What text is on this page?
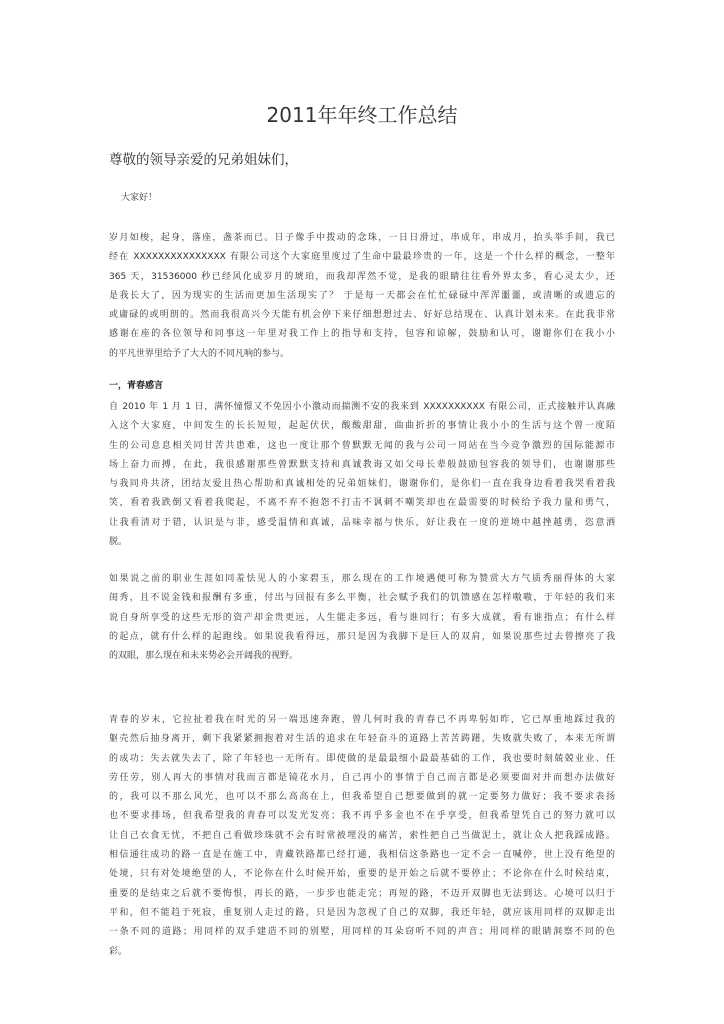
2011年年终工作总结
尊敬的领导亲爱的兄弟姐妹们，
大家好！
岁月如梭，起身，落座，盏茶而已。日子像手中拨动的念珠，一日日滑过，串成年，串成月，抬头举手间，我已
经在 XXXXXXXXXXXXXXX 有限公司这个大家庭里度过了生命中最最珍贵的一年，这是一个什么样的概念，一整年
365 天，31536000 秒已经风化成岁月的琥珀，而我却浑然不觉，是我的眼睛往往看外界太多，看心灵太少，还
是我长大了，因为现实的生活而更加生活现实了？ 于是每一天都会在忙忙碌碌中浑浑噩噩，或清晰的或遗忘的
或庸碌的或明朗的。然而我很高兴今天能有机会停下来仔细想想过去、好好总结现在、认真计划未来。在此我非常
感谢在座的各位领导和同事这一年里对我工作上的指导和支持，包容和谅解，鼓励和认可，谢谢你们在我小小
的平凡世界里给予了大大的不同凡响的参与。
一，青春感言
自 2010 年 1 月 1 日，满怀憧憬又不免因小小激动而揣测不安的我来到 XXXXXXXXXX 有限公司，正式接触并认真融
入这个大家庭，中间发生的长长短短，起起伏伏，酸酸甜甜，曲曲折折的事情让我小小的生活与这个曾一度陌
生的公司息息相关同甘苦共患难，这也一度让那个曾默默无闻的我与公司一同站在当今竞争激烈的国际能源市
场上奋力而搏，在此，我很感谢那些曾默默支持和真诚教诲又如父母长辈般鼓励包容我的领导们，也谢谢那些
与我同舟共济，团结友爱且热心帮助和真诚相处的兄弟姐妹们，谢谢你们，是你们一直在我身边看着我哭看着我
笑，看着我跌倒又看着我爬起，不离不弃不抱怨不打击不讽刺不嘲笑却也在最需要的时候给予我力量和勇气，
让我看清对于错，认识是与非，感受温情和真诚，品味幸福与快乐，好让我在一度的逆境中越挫越勇，恣意洒
脱。
如果说之前的职业生涯如同羞怯见人的小家碧玉，那么现在的工作境遇便可称为赞赏大方气质秀丽得体的大家
闺秀，且不说金钱和报酬有多重，付出与回报有多么平衡，社会赋予我们的饥馈感在怎样嗷嗷，于年轻的我们来
说自身所享受的这些无形的资产却金贵更远，人生能走多远，看与谁同行；有多大成就，看有谁指点；有什么样
的起点，就有什么样的起跑线。如果说我看得远，那只是因为我脚下是巨人的双肩，如果说那些过去曾擦亮了我
的双眼，那么现在和未来势必会开阔我的视野。
青春的岁末，它拉扯着我在时光的另一端迅速奔跑，曾几何时我的青春已不再卑躬如昨，它已厚重地踩过我的
躯壳然后抽身离开，剩下我紧紧拥抱着对生活的追求在年轻奋斗的道路上苦苦踌躇，失败就失败了，本来无所谓
的成功；失去就失去了，除了年轻也一无所有。即使做的是最最细小最最基础的工作，我也要时刻兢兢业业、任
劳任劳，别人再大的事情对我而言都是镜花水月，自己再小的事情于自己而言都是必须要面对并而想办法做好
的，我可以不那么风光，也可以不那么高高在上，但我希望自己想要做到的就一定要努力做好；我不要求表扬
也不要求排场，但我希望我的青春可以发光发亮；我不再乎多金也不在乎享受，但我希望凭自己的努力就可以
让自己衣食无忧，不把自己看做珍珠就不会有时常被埋没的痛苦，索性把自己当做泥土，就让众人把我踩成路。
相信通往成功的路一直是在施工中，青藏铁路都已经打通，我相信这条路也一定不会一直喊停，世上没有绝望的
处境，只有对处境绝望的人，不论你在什么时候开始，重要的是开始之后就不要停止；不论你在什么时候结束，
重要的是结束之后就不要悔恨，再长的路，一步步也能走完；再短的路，不迈开双脚也无法到达。心境可以归于
平和，但不能趋于死寂，重复别人走过的路，只是因为忽视了自己的双脚，我还年轻，就应该用同样的双脚走出
一条不同的道路；用同样的双手建造不同的别墅，用同样的耳朵窃听不同的声音；用同样的眼睛洞察不同的色
彩。
